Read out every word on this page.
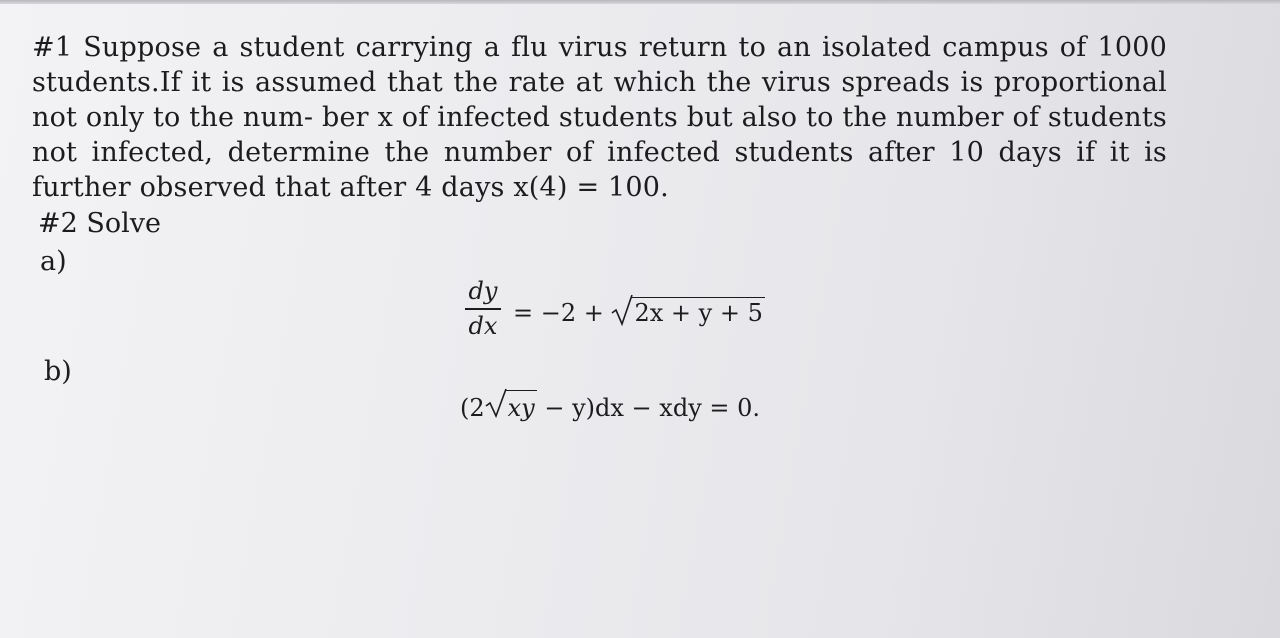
#1 Suppose a student carrying a flu virus return to an isolated campus of 1000 students.If it is assumed that the rate at which the virus spreads is proportional not only to the num- ber x of infected students but also to the number of students not infected, determine the number of infected students after 10 days if it is further observed that after 4 days x(4) = 100.

#2 Solve
a)
dy
dx = −2 +
2x + y + 5
b)
(2 xy − y)dx − xdy = 0.
